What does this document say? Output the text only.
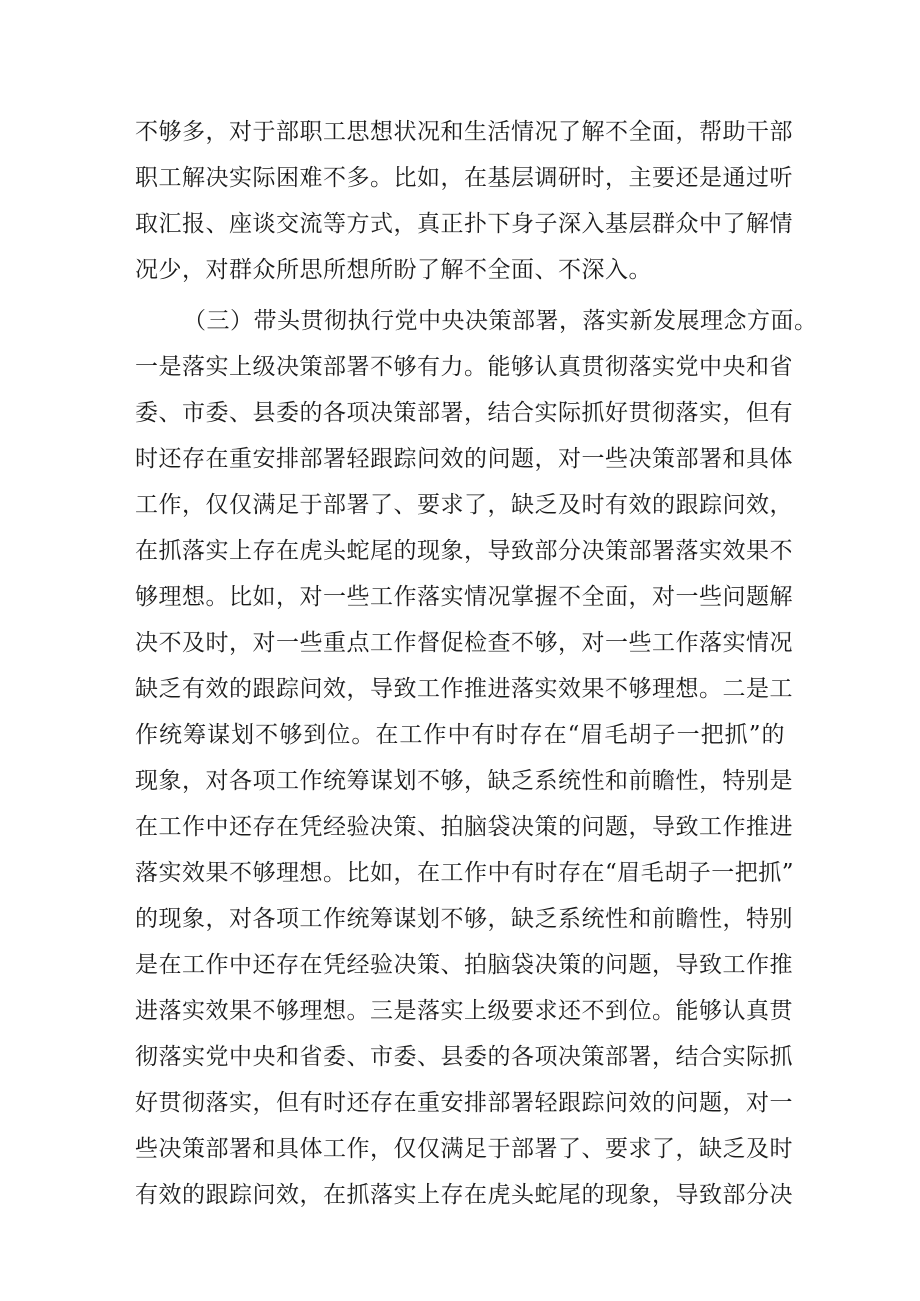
不够多，对于部职工思想状况和生活情况了解不全面，帮助干部
职工解决实际困难不多。比如，在基层调研时，主要还是通过听
取汇报、座谈交流等方式，真正扑下身子深入基层群众中了解情
况少，对群众所思所想所盼了解不全面、不深入。
（三）带头贯彻执行党中央决策部署，落实新发展理念方面。
一是落实上级决策部署不够有力。能够认真贯彻落实党中央和省
委、市委、县委的各项决策部署，结合实际抓好贯彻落实，但有
时还存在重安排部署轻跟踪问效的问题，对一些决策部署和具体
工作，仅仅满足于部署了、要求了，缺乏及时有效的跟踪问效，
在抓落实上存在虎头蛇尾的现象，导致部分决策部署落实效果不
够理想。比如，对一些工作落实情况掌握不全面，对一些问题解
决不及时，对一些重点工作督促检查不够，对一些工作落实情况
缺乏有效的跟踪问效，导致工作推进落实效果不够理想。二是工
作统筹谋划不够到位。在工作中有时存在“眉毛胡子一把抓”的
现象，对各项工作统筹谋划不够，缺乏系统性和前瞻性，特别是
在工作中还存在凭经验决策、拍脑袋决策的问题，导致工作推进
落实效果不够理想。比如，在工作中有时存在“眉毛胡子一把抓”
的现象，对各项工作统筹谋划不够，缺乏系统性和前瞻性，特别
是在工作中还存在凭经验决策、拍脑袋决策的问题，导致工作推
进落实效果不够理想。三是落实上级要求还不到位。能够认真贯
彻落实党中央和省委、市委、县委的各项决策部署，结合实际抓
好贯彻落实，但有时还存在重安排部署轻跟踪问效的问题，对一
些决策部署和具体工作，仅仅满足于部署了、要求了，缺乏及时
有效的跟踪问效，在抓落实上存在虎头蛇尾的现象，导致部分决
